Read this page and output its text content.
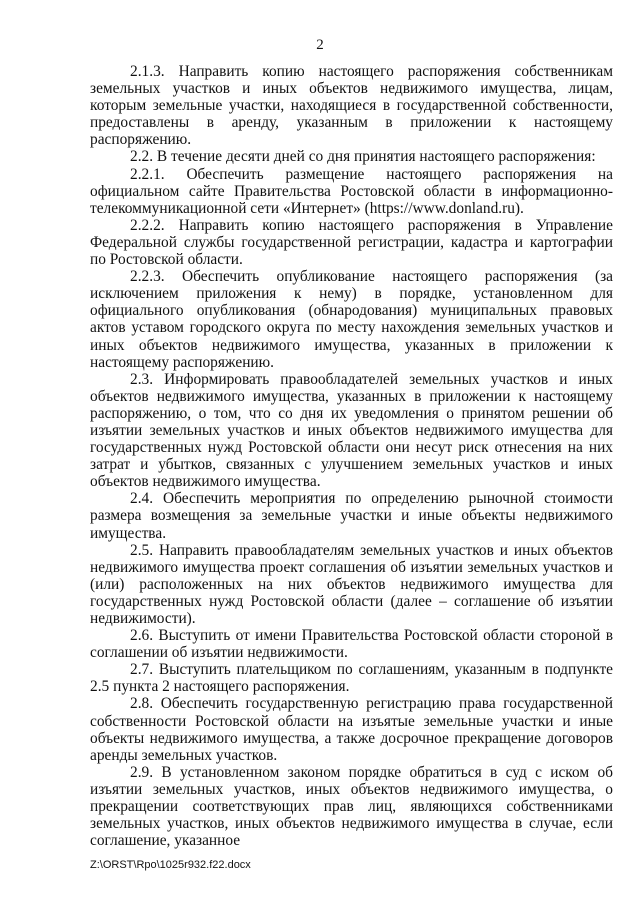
2

2.1.3. Направить копию настоящего распоряжения собственникам земельных участков и иных объектов недвижимого имущества, лицам, которым земельные участки, находящиеся в государственной собственности, предоставлены в аренду, указанным в приложении к настоящему распоряжению.

2.2. В течение десяти дней со дня принятия настоящего распоряжения:

2.2.1. Обеспечить размещение настоящего распоряжения на официальном сайте Правительства Ростовской области в информационно-телекоммуникационной сети «Интернет» (https://www.donland.ru).

2.2.2. Направить копию настоящего распоряжения в Управление Федеральной службы государственной регистрации, кадастра и картографии по Ростовской области.

2.2.3. Обеспечить опубликование настоящего распоряжения (за исключением приложения к нему) в порядке, установленном для официального опубликования (обнародования) муниципальных правовых актов уставом городского округа по месту нахождения земельных участков и иных объектов недвижимого имущества, указанных в приложении к настоящему распоряжению.

2.3. Информировать правообладателей земельных участков и иных объектов недвижимого имущества, указанных в приложении к настоящему распоряжению, о том, что со дня их уведомления о принятом решении об изъятии земельных участков и иных объектов недвижимого имущества для государственных нужд Ростовской области они несут риск отнесения на них затрат и убытков, связанных с улучшением земельных участков и иных объектов недвижимого имущества.

2.4. Обеспечить мероприятия по определению рыночной стоимости размера возмещения за земельные участки и иные объекты недвижимого имущества.

2.5. Направить правообладателям земельных участков и иных объектов недвижимого имущества проект соглашения об изъятии земельных участков и (или) расположенных на них объектов недвижимого имущества для государственных нужд Ростовской области (далее – соглашение об изъятии недвижимости).

2.6. Выступить от имени Правительства Ростовской области стороной в соглашении об изъятии недвижимости.

2.7. Выступить плательщиком по соглашениям, указанным в подпункте 2.5 пункта 2 настоящего распоряжения.

2.8. Обеспечить государственную регистрацию права государственной собственности Ростовской области на изъятые земельные участки и иные объекты недвижимого имущества, а также досрочное прекращение договоров аренды земельных участков.

2.9. В установленном законом порядке обратиться в суд с иском об изъятии земельных участков, иных объектов недвижимого имущества, о прекращении соответствующих прав лиц, являющихся собственниками земельных участков, иных объектов недвижимого имущества в случае, если соглашение, указанное

Z:\ORST\Rpo\1025r932.f22.docx
